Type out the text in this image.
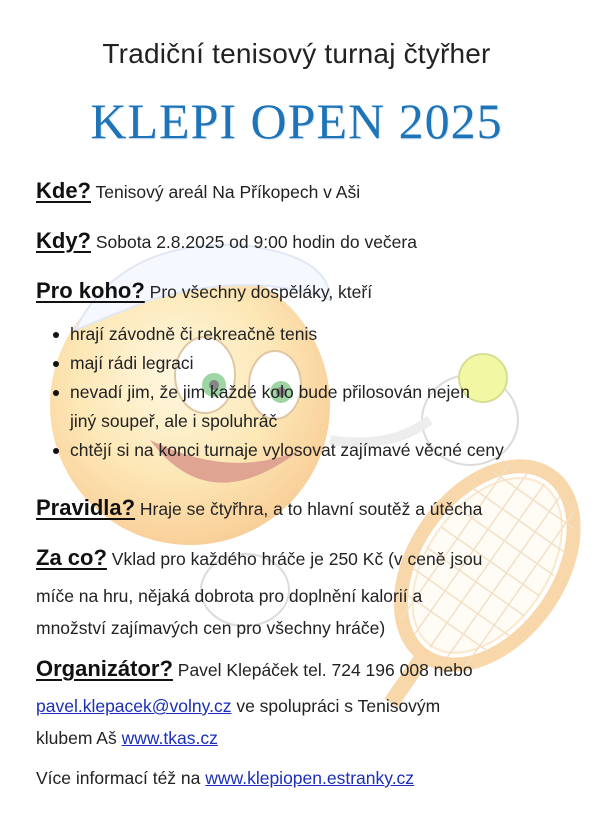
Tradiční tenisový turnaj čtyřher
KLEPI OPEN 2025
Kde? Tenisový areál Na Příkopech v Aši
Kdy? Sobota 2.8.2025 od 9:00 hodin do večera
Pro koho? Pro všechny dospěláky, kteří
hrají závodně či rekreačně tenis
mají rádi legraci
nevadí jim, že jim každé kolo bude přilosován nejen
jiný soupeř, ale i spoluhráč
chtějí si na konci turnaje vylosovat zajímavé věcné ceny
Pravidla? Hraje se čtyřhra, a to hlavní soutěž a útěcha
Za co? Vklad pro každého hráče je 250 Kč (v ceně jsou
míče na hru, nějaká dobrota pro doplnění kalorií a
množství zajímavých cen pro všechny hráče)
Organizátor? Pavel Klepáček tel. 724 196 008 nebo
pavel.klepacek@volny.cz ve spolupráci s Tenisovým
klubem Aš www.tkas.cz
Více informací též na www.klepiopen.estranky.cz
